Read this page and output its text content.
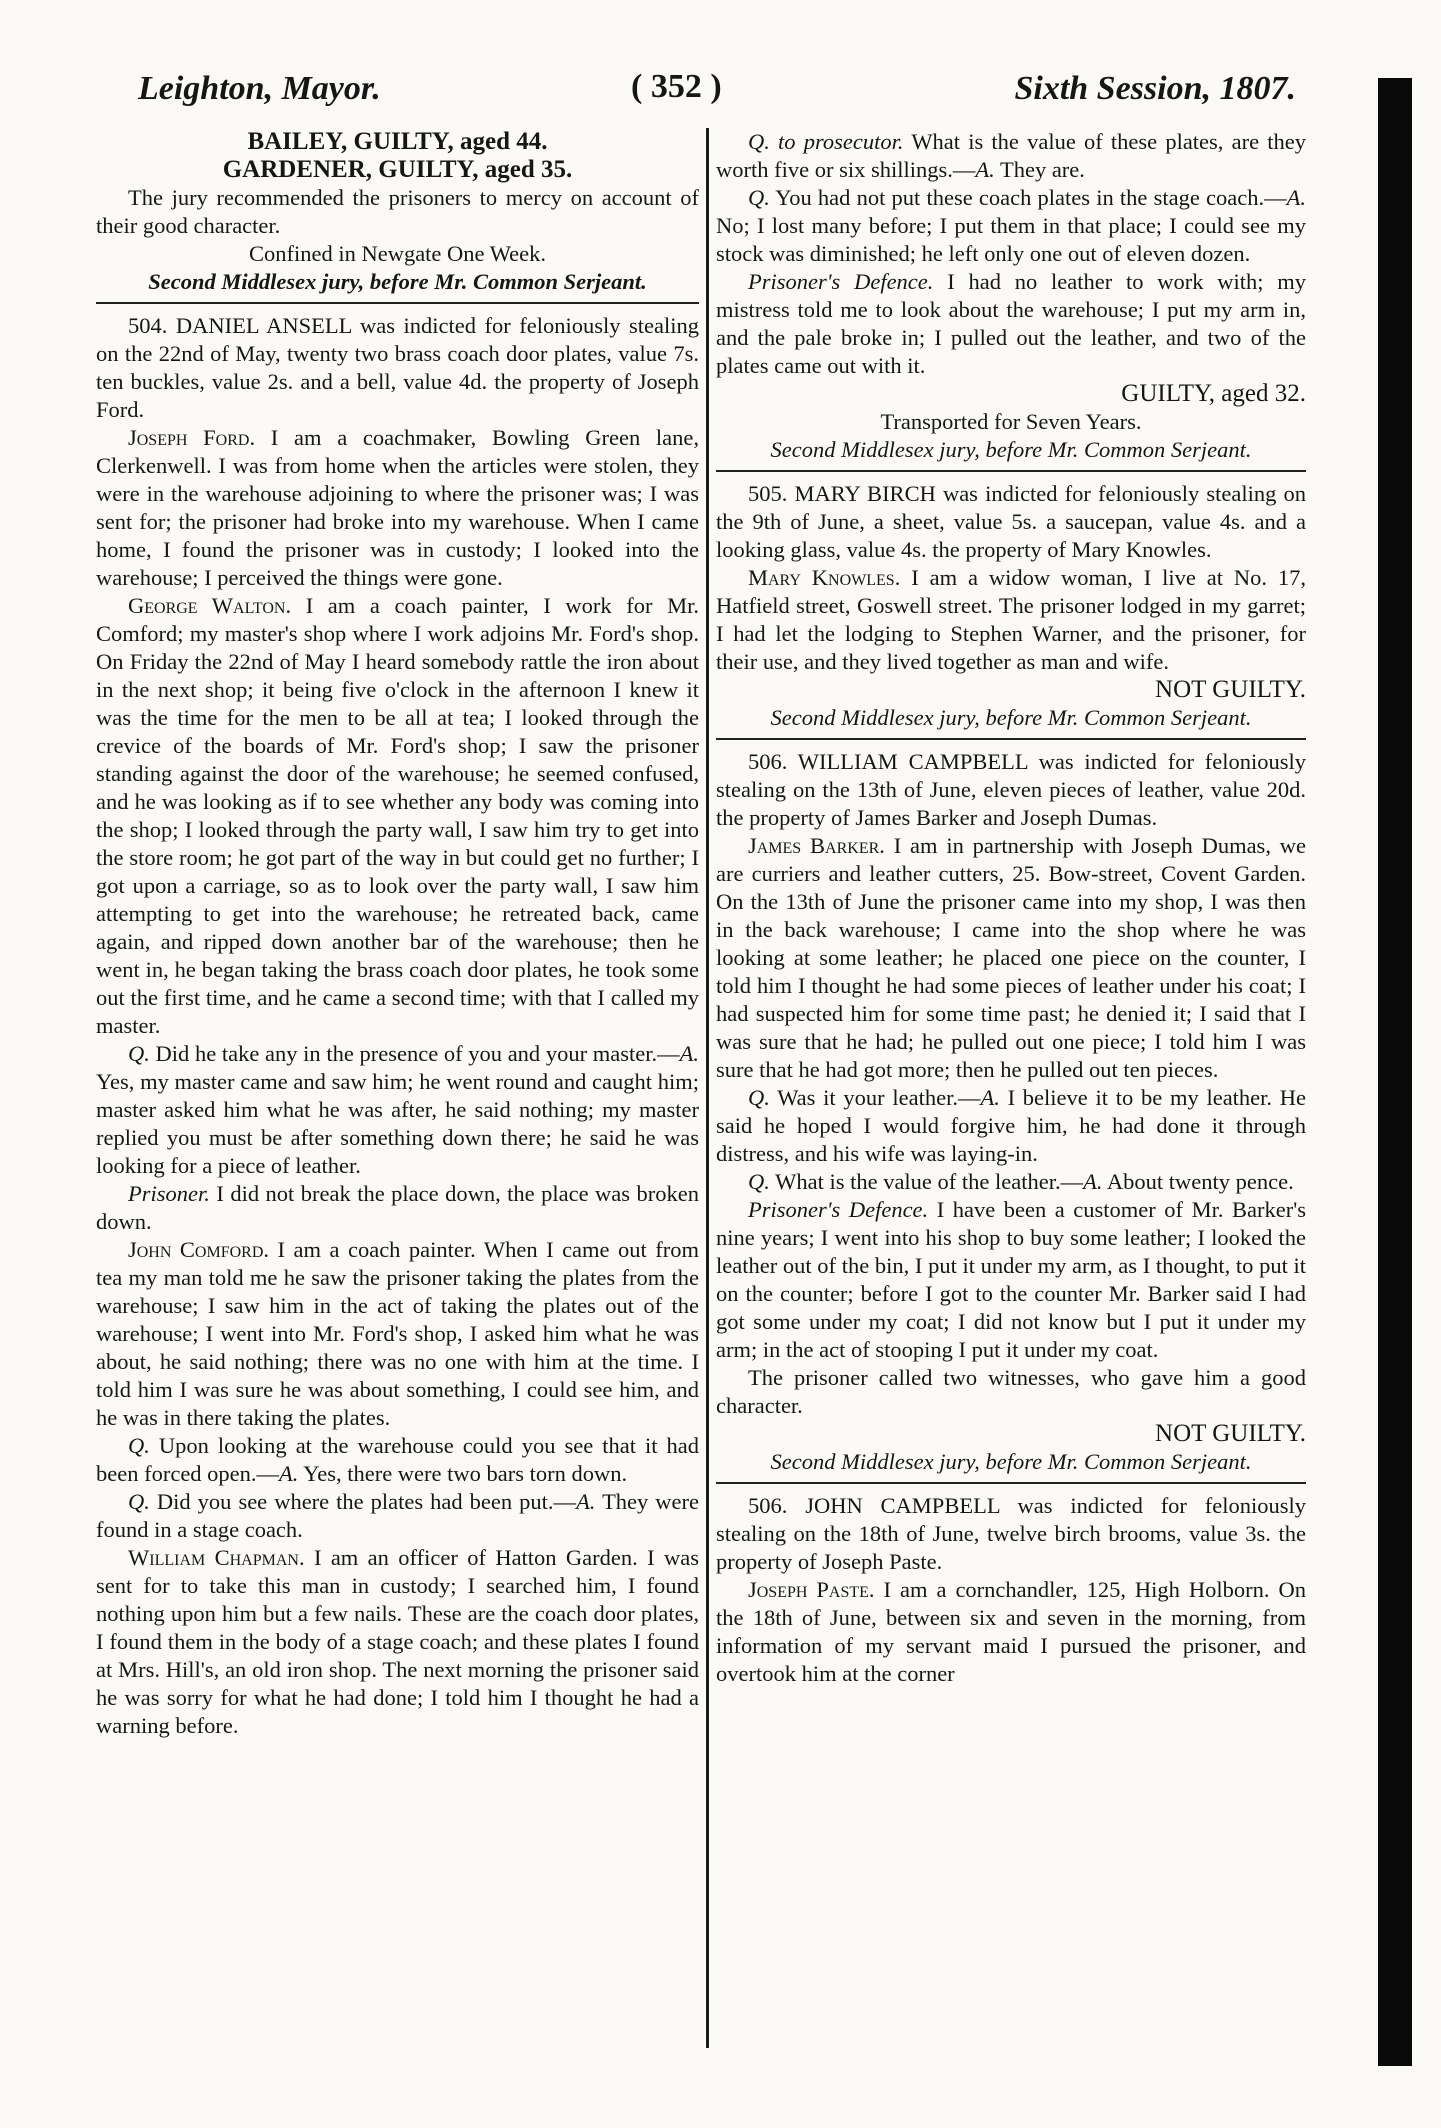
Leighton, Mayor.	( 352 )	Sixth Session, 1807.

BAILEY, GUILTY, aged 44.

GARDENER, GUILTY, aged 35.

The jury recommended the prisoners to mercy on account of their good character.

Confined in Newgate One Week.

Second Middlesex jury, before Mr. Common Serjeant.

504. DANIEL ANSELL was indicted for feloniously stealing on the 22nd of May, twenty two brass coach door plates, value 7s. ten buckles, value 2s. and a bell, value 4d. the property of Joseph Ford.

Joseph Ford. I am a coachmaker, Bowling Green lane, Clerkenwell. I was from home when the articles were stolen, they were in the warehouse adjoining to where the prisoner was; I was sent for; the prisoner had broke into my warehouse. When I came home, I found the prisoner was in custody; I looked into the warehouse; I perceived the things were gone.

George Walton. I am a coach painter, I work for Mr. Comford; my master's shop where I work adjoins Mr. Ford's shop. On Friday the 22nd of May I heard somebody rattle the iron about in the next shop; it being five o'clock in the afternoon I knew it was the time for the men to be all at tea; I looked through the crevice of the boards of Mr. Ford's shop; I saw the prisoner standing against the door of the warehouse; he seemed confused, and he was looking as if to see whether any body was coming into the shop; I looked through the party wall, I saw him try to get into the store room; he got part of the way in but could get no further; I got upon a carriage, so as to look over the party wall, I saw him attempting to get into the warehouse; he retreated back, came again, and ripped down another bar of the warehouse; then he went in, he began taking the brass coach door plates, he took some out the first time, and he came a second time; with that I called my master.

Q. Did he take any in the presence of you and your master.—A. Yes, my master came and saw him; he went round and caught him; master asked him what he was after, he said nothing; my master replied you must be after something down there; he said he was looking for a piece of leather.

Prisoner. I did not break the place down, the place was broken down.

John Comford. I am a coach painter. When I came out from tea my man told me he saw the prisoner taking the plates from the warehouse; I saw him in the act of taking the plates out of the warehouse; I went into Mr. Ford's shop, I asked him what he was about, he said nothing; there was no one with him at the time. I told him I was sure he was about something, I could see him, and he was in there taking the plates.

Q. Upon looking at the warehouse could you see that it had been forced open.—A. Yes, there were two bars torn down.

Q. Did you see where the plates had been put.—A. They were found in a stage coach.

William Chapman. I am an officer of Hatton Garden. I was sent for to take this man in custody; I searched him, I found nothing upon him but a few nails. These are the coach door plates, I found them in the body of a stage coach; and these plates I found at Mrs. Hill's, an old iron shop. The next morning the prisoner said he was sorry for what he had done; I told him I thought he had a warning before.

Q. to prosecutor. What is the value of these plates, are they worth five or six shillings.—A. They are.

Q. You had not put these coach plates in the stage coach.—A. No; I lost many before; I put them in that place; I could see my stock was diminished; he left only one out of eleven dozen.

Prisoner's Defence. I had no leather to work with; my mistress told me to look about the warehouse; I put my arm in, and the pale broke in; I pulled out the leather, and two of the plates came out with it.

GUILTY, aged 32.

Transported for Seven Years.

Second Middlesex jury, before Mr. Common Serjeant.

505. MARY BIRCH was indicted for feloniously stealing on the 9th of June, a sheet, value 5s. a saucepan, value 4s. and a looking glass, value 4s. the property of Mary Knowles.

Mary Knowles. I am a widow woman, I live at No. 17, Hatfield street, Goswell street. The prisoner lodged in my garret; I had let the lodging to Stephen Warner, and the prisoner, for their use, and they lived together as man and wife.

NOT GUILTY.

Second Middlesex jury, before Mr. Common Serjeant.

506. WILLIAM CAMPBELL was indicted for feloniously stealing on the 13th of June, eleven pieces of leather, value 20d. the property of James Barker and Joseph Dumas.

James Barker. I am in partnership with Joseph Dumas, we are curriers and leather cutters, 25. Bow-street, Covent Garden. On the 13th of June the prisoner came into my shop, I was then in the back warehouse; I came into the shop where he was looking at some leather; he placed one piece on the counter, I told him I thought he had some pieces of leather under his coat; I had suspected him for some time past; he denied it; I said that I was sure that he had; he pulled out one piece; I told him I was sure that he had got more; then he pulled out ten pieces.

Q. Was it your leather.—A. I believe it to be my leather. He said he hoped I would forgive him, he had done it through distress, and his wife was laying-in.

Q. What is the value of the leather.—A. About twenty pence.

Prisoner's Defence. I have been a customer of Mr. Barker's nine years; I went into his shop to buy some leather; I looked the leather out of the bin, I put it under my arm, as I thought, to put it on the counter; before I got to the counter Mr. Barker said I had got some under my coat; I did not know but I put it under my arm; in the act of stooping I put it under my coat.

The prisoner called two witnesses, who gave him a good character.

NOT GUILTY.

Second Middlesex jury, before Mr. Common Serjeant.

506. JOHN CAMPBELL was indicted for feloniously stealing on the 18th of June, twelve birch brooms, value 3s. the property of Joseph Paste.

Joseph Paste. I am a cornchandler, 125, High Holborn. On the 18th of June, between six and seven in the morning, from information of my servant maid I pursued the prisoner, and overtook him at the corner
